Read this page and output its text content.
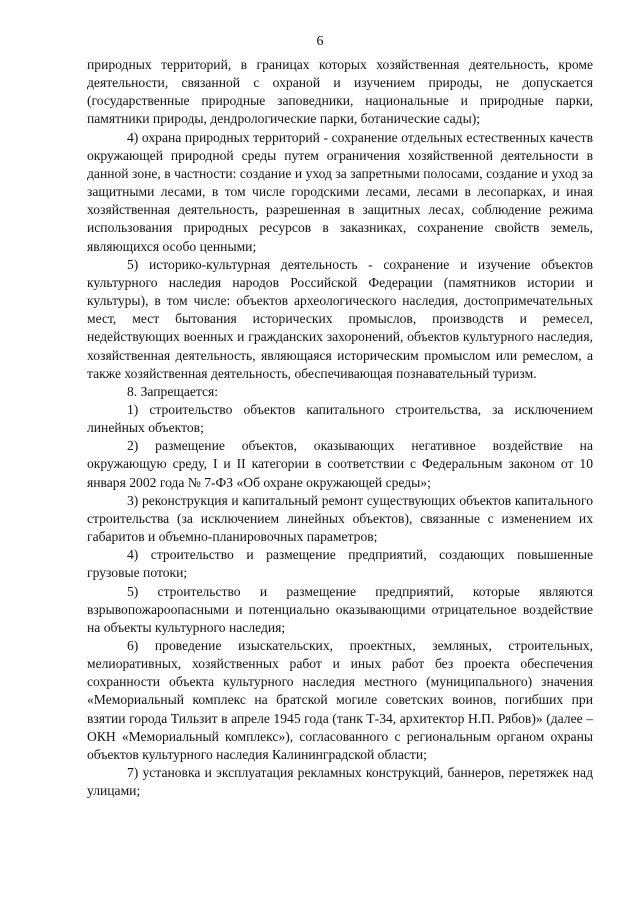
6

природных территорий, в границах которых хозяйственная деятельность, кроме деятельности, связанной с охраной и изучением природы, не допускается (государственные природные заповедники, национальные и природные парки, памятники природы, дендрологические парки, ботанические сады);

4) охрана природных территорий - сохранение отдельных естественных качеств окружающей природной среды путем ограничения хозяйственной деятельности в данной зоне, в частности: создание и уход за запретными полосами, создание и уход за защитными лесами, в том числе городскими лесами, лесами в лесопарках, и иная хозяйственная деятельность, разрешенная в защитных лесах, соблюдение режима использования природных ресурсов в заказниках, сохранение свойств земель, являющихся особо ценными;

5) историко-культурная деятельность - сохранение и изучение объектов культурного наследия народов Российской Федерации (памятников истории и культуры), в том числе: объектов археологического наследия, достопримечательных мест, мест бытования исторических промыслов, производств и ремесел, недействующих военных и гражданских захоронений, объектов культурного наследия, хозяйственная деятельность, являющаяся историческим промыслом или ремеслом, а также хозяйственная деятельность, обеспечивающая познавательный туризм.

8. Запрещается:

1) строительство объектов капитального строительства, за исключением линейных объектов;

2) размещение объектов, оказывающих негативное воздействие на окружающую среду, I и II категории в соответствии с Федеральным законом от 10 января 2002 года № 7-ФЗ «Об охране окружающей среды»;

3) реконструкция и капитальный ремонт существующих объектов капитального строительства (за исключением линейных объектов), связанные с изменением их габаритов и объемно-планировочных параметров;

4) строительство и размещение предприятий, создающих повышенные грузовые потоки;

5) строительство и размещение предприятий, которые являются взрывопожароопасными и потенциально оказывающими отрицательное воздействие на объекты культурного наследия;

6) проведение изыскательских, проектных, земляных, строительных, мелиоративных, хозяйственных работ и иных работ без проекта обеспечения сохранности объекта культурного наследия местного (муниципального) значения «Мемориальный комплекс на братской могиле советских воинов, погибших при взятии города Тильзит в апреле 1945 года (танк Т-34, архитектор Н.П. Рябов)» (далее – ОКН «Мемориальный комплекс»), согласованного с региональным органом охраны объектов культурного наследия Калининградской области;

7) установка и эксплуатация рекламных конструкций, баннеров, перетяжек над улицами;
